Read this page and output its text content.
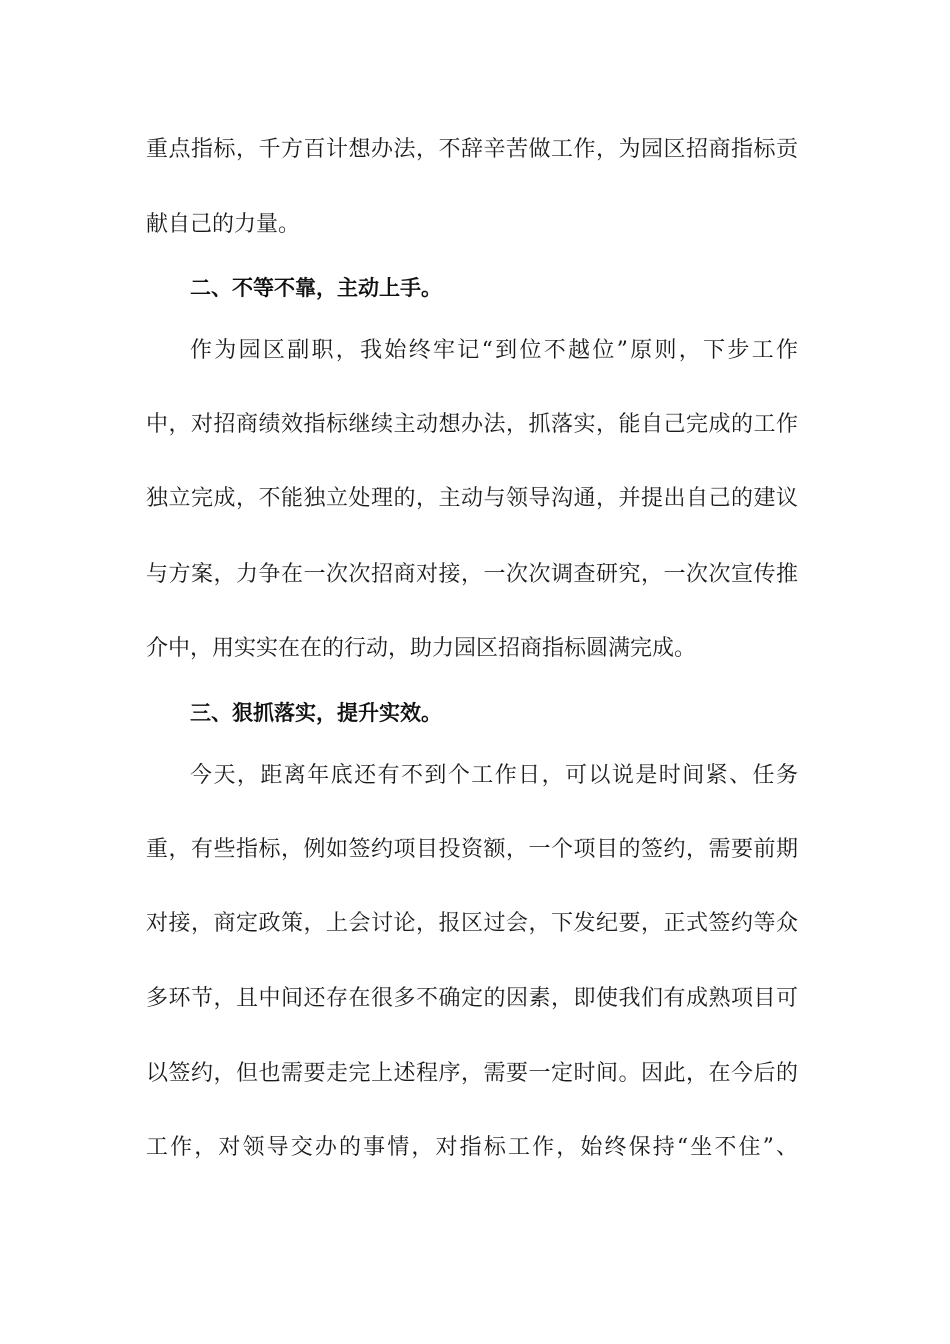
重点指标，千方百计想办法，不辞辛苦做工作，为园区招商指标贡
献自己的力量。
二、不等不靠，主动上手。
作为园区副职，我始终牢记“到位不越位”原则，下步工作
中，对招商绩效指标继续主动想办法，抓落实，能自己完成的工作
独立完成，不能独立处理的，主动与领导沟通，并提出自己的建议
与方案，力争在一次次招商对接，一次次调查研究，一次次宣传推
介中，用实实在在的行动，助力园区招商指标圆满完成。
三、狠抓落实，提升实效。
今天，距离年底还有不到个工作日，可以说是时间紧、任务
重，有些指标，例如签约项目投资额，一个项目的签约，需要前期
对接，商定政策，上会讨论，报区过会，下发纪要，正式签约等众
多环节，且中间还存在很多不确定的因素，即使我们有成熟项目可
以签约，但也需要走完上述程序，需要一定时间。因此，在今后的
工作，对领导交办的事情，对指标工作，始终保持“坐不住”、
